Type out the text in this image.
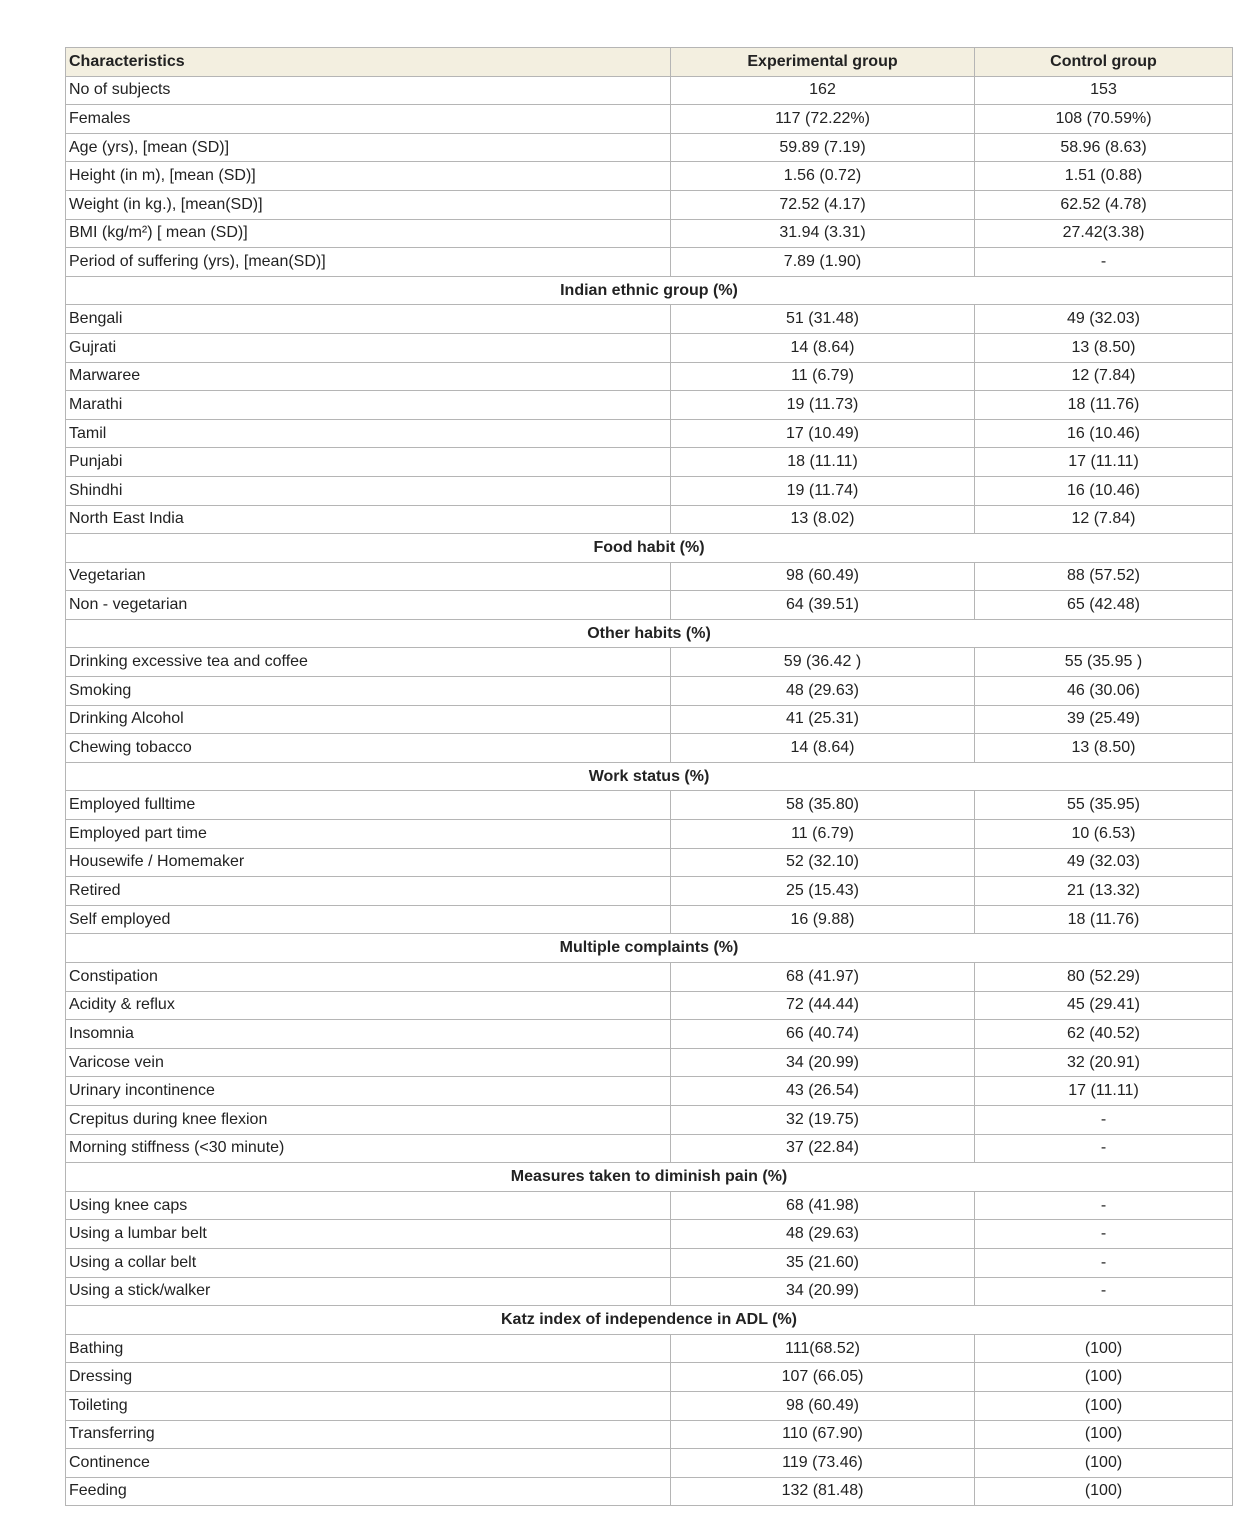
Characteristics	Experimental group	Control group
No of subjects	162	153
Females	117 (72.22%)	108 (70.59%)
Age (yrs), [mean (SD)]	59.89 (7.19)	58.96 (8.63)
Height (in m), [mean (SD)]	1.56 (0.72)	1.51 (0.88)
Weight (in kg.), [mean(SD)]	72.52 (4.17)	62.52 (4.78)
BMI (kg/m²) [ mean (SD)]	31.94 (3.31)	27.42(3.38)
Period of suffering (yrs), [mean(SD)]	7.89 (1.90)	-
Indian ethnic group (%)		
Bengali	51 (31.48)	49 (32.03)
Gujrati	14 (8.64)	13 (8.50)
Marwaree	11 (6.79)	12 (7.84)
Marathi	19 (11.73)	18 (11.76)
Tamil	17 (10.49)	16 (10.46)
Punjabi	18 (11.11)	17 (11.11)
Shindhi	19 (11.74)	16 (10.46)
North East India	13 (8.02)	12 (7.84)
Food habit (%)		
Vegetarian	98 (60.49)	88 (57.52)
Non - vegetarian	64 (39.51)	65 (42.48)
Other habits (%)		
Drinking excessive tea and coffee	59 (36.42 )	55 (35.95 )
Smoking	48 (29.63)	46 (30.06)
Drinking Alcohol	41 (25.31)	39 (25.49)
Chewing tobacco	14 (8.64)	13 (8.50)
Work status (%)		
Employed fulltime	58 (35.80)	55 (35.95)
Employed part time	11 (6.79)	10 (6.53)
Housewife / Homemaker	52 (32.10)	49 (32.03)
Retired	25 (15.43)	21 (13.32)
Self employed	16 (9.88)	18 (11.76)
Multiple complaints (%)		
Constipation	68 (41.97)	80 (52.29)
Acidity & reflux	72 (44.44)	45 (29.41)
Insomnia	66 (40.74)	62 (40.52)
Varicose vein	34 (20.99)	32 (20.91)
Urinary incontinence	43 (26.54)	17 (11.11)
Crepitus during knee flexion	32 (19.75)	-
Morning stiffness (<30 minute)	37 (22.84)	-
Measures taken to diminish pain (%)		
Using knee caps	68 (41.98)	-
Using a lumbar belt	48 (29.63)	-
Using a collar belt	35 (21.60)	-
Using a stick/walker	34 (20.99)	-
Katz index of independence in ADL (%)		
Bathing	111(68.52)	(100)
Dressing	107 (66.05)	(100)
Toileting	98 (60.49)	(100)
Transferring	110 (67.90)	(100)
Continence	119 (73.46)	(100)
Feeding	132 (81.48)	(100)
